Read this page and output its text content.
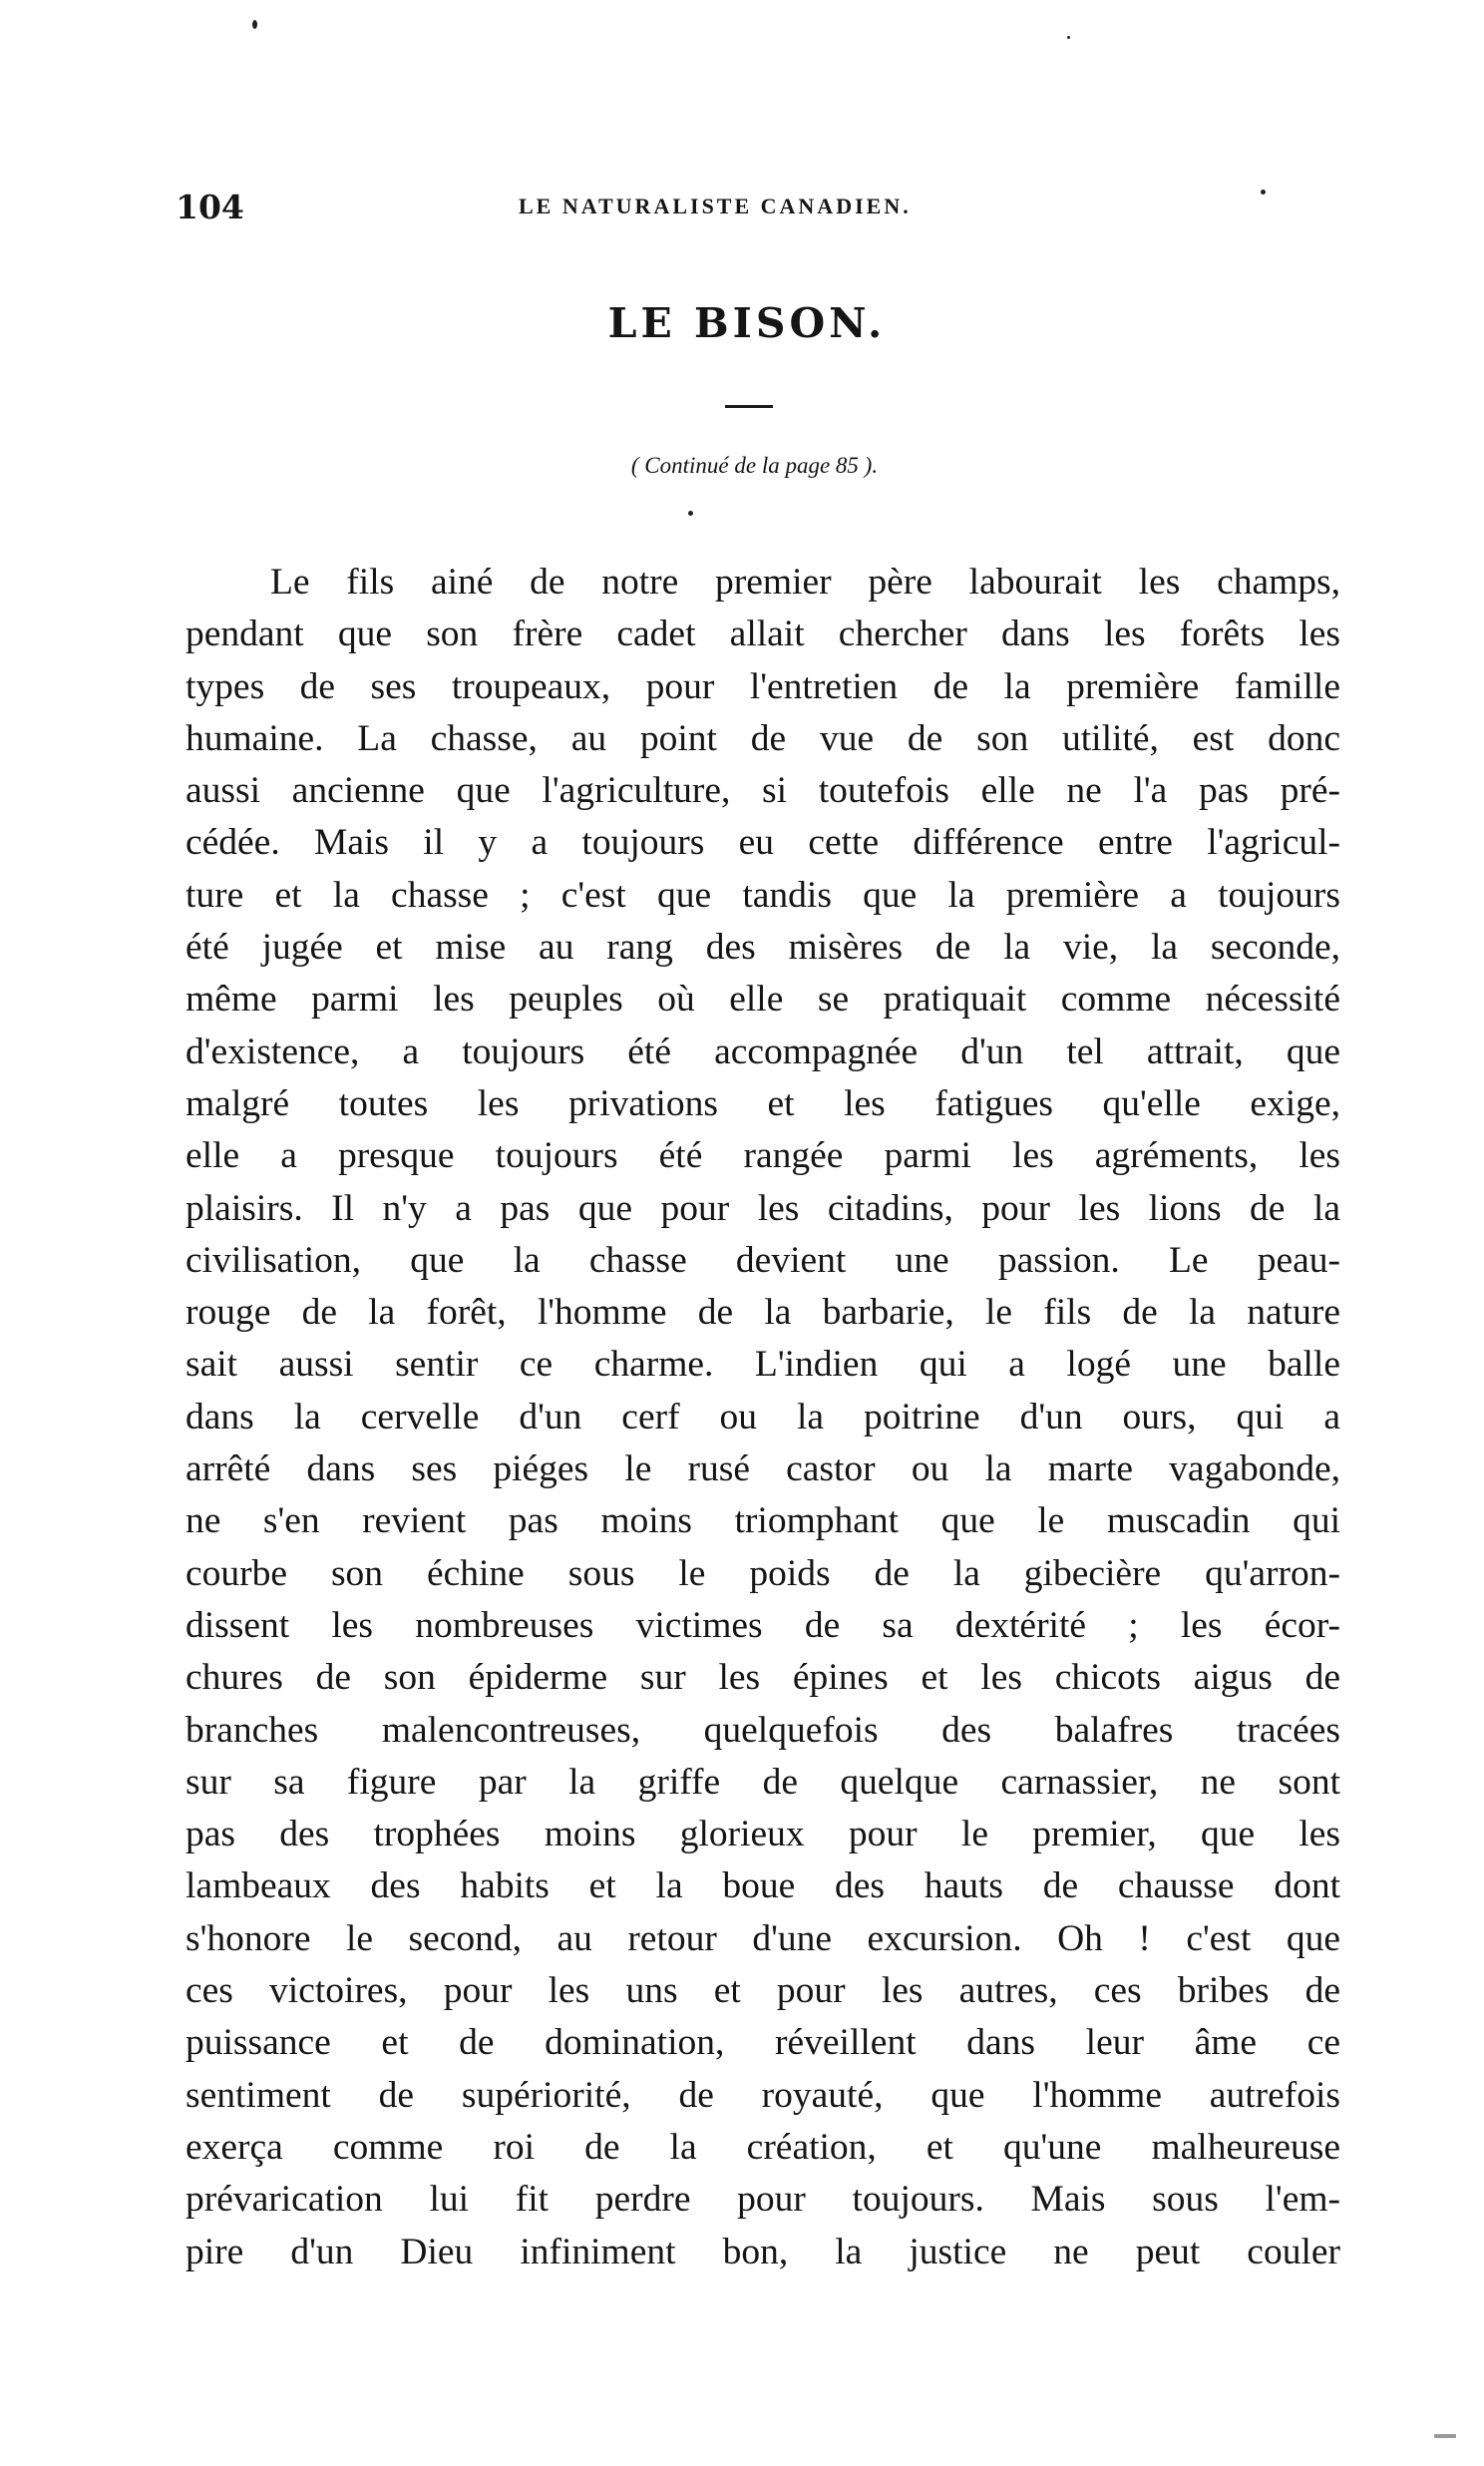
104	LE NATURALISTE CANADIEN.
LE BISON.
( Continué de la page 85 ).
Le fils ainé de notre premier père labourait les champs,
pendant que son frère cadet allait chercher dans les forêts les
types de ses troupeaux, pour l'entretien de la première famille
humaine. La chasse, au point de vue de son utilité, est donc
aussi ancienne que l'agriculture, si toutefois elle ne l'a pas pré-
cédée. Mais il y a toujours eu cette différence entre l'agricul-
ture et la chasse ; c'est que tandis que la première a toujours
été jugée et mise au rang des misères de la vie, la seconde,
même parmi les peuples où elle se pratiquait comme nécessité
d'existence, a toujours été accompagnée d'un tel attrait, que
malgré toutes les privations et les fatigues qu'elle exige,
elle a presque toujours été rangée parmi les agréments, les
plaisirs. Il n'y a pas que pour les citadins, pour les lions de la
civilisation, que la chasse devient une passion. Le peau-
rouge de la forêt, l'homme de la barbarie, le fils de la nature
sait aussi sentir ce charme. L'indien qui a logé une balle
dans la cervelle d'un cerf ou la poitrine d'un ours, qui a
arrêté dans ses piéges le rusé castor ou la marte vagabonde,
ne s'en revient pas moins triomphant que le muscadin qui
courbe son échine sous le poids de la gibecière qu'arron-
dissent les nombreuses victimes de sa dextérité ; les écor-
chures de son épiderme sur les épines et les chicots aigus de
branches malencontreuses, quelquefois des balafres tracées
sur sa figure par la griffe de quelque carnassier, ne sont
pas des trophées moins glorieux pour le premier, que les
lambeaux des habits et la boue des hauts de chausse dont
s'honore le second, au retour d'une excursion. Oh ! c'est que
ces victoires, pour les uns et pour les autres, ces bribes de
puissance et de domination, réveillent dans leur âme ce
sentiment de supériorité, de royauté, que l'homme autrefois
exerça comme roi de la création, et qu'une malheureuse
prévarication lui fit perdre pour toujours. Mais sous l'em-
pire d'un Dieu infiniment bon, la justice ne peut couler
